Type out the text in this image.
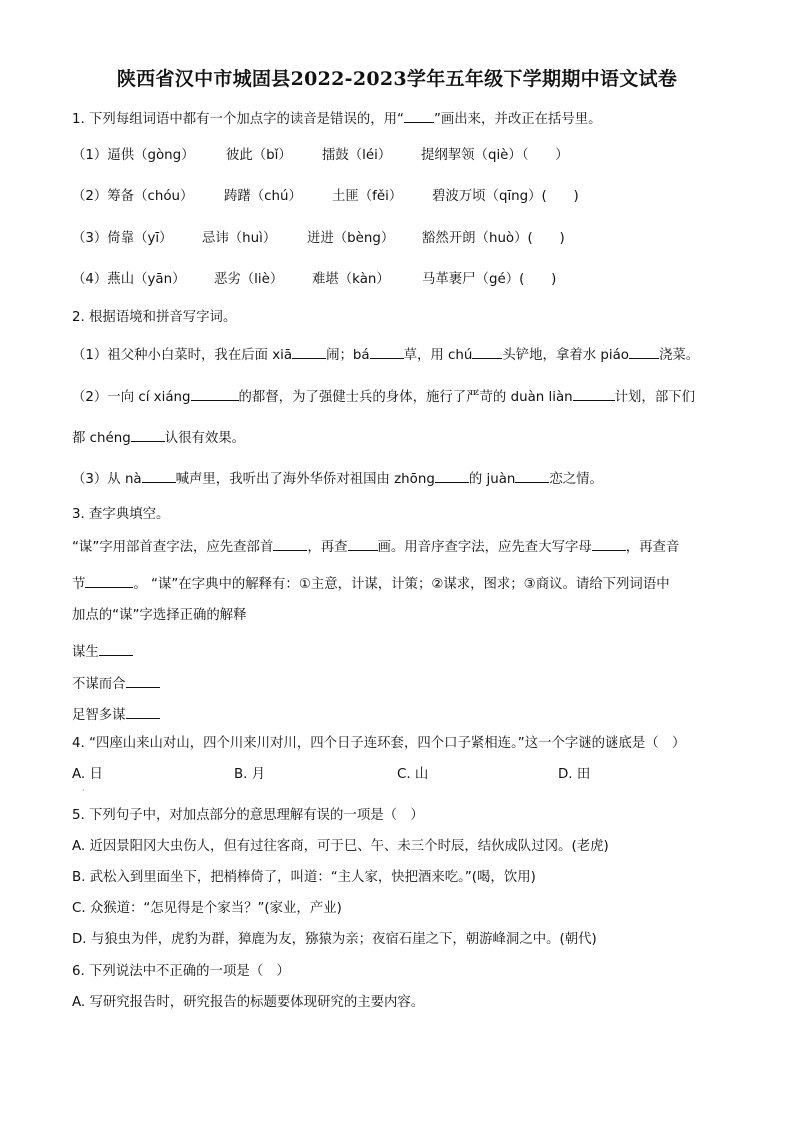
陕西省汉中市城固县2022-2023学年五年级下学期期中语文试卷

1. 下列每组词语中都有一个加点字的读音是错误的，用“ ”画出来，并改正在括号里。

（1）逼供（gòng） 彼此（bǐ） 擂鼓（léi） 提纲挈领（qiè）（　　）
（2）筹备（chóu） 踌躇（chú） 土匪（fěi） 碧波万顷（qīng）(　　)
（3）倚靠（yī） 忌讳（huì） 迸进（bèng） 豁然开朗（huò）(　　)
（4）燕山（yān） 恶劣（liè） 难堪（kàn） 马革裹尸（gé）(　　)

2. 根据语境和拼音写字词。

（1）祖父种小白菜时，我在后面 xiā	闹；bá	草，用 chú 头铲地，拿着水 piáo 浇菜。

（2）一向 cí xiáng	的都督，为了强健士兵的身体，施行了严苛的 duàn liàn	计划，部下们

都 chéng	认很有效果。

（3）从 nà	喊声里，我听出了海外华侨对祖国由 zhōng	的 juàn	恋之情。

3. 查字典填空。

“谋”字用部首查字法，应先查部首	，再查 画。用音序查字法，应先查大写字母	，再查音

节	。 “谋”在字典中的解释有：①主意，计谋，计策；②谋求，图求；③商议。请给下列词语中

加点的“谋”字选择正确的解释

谋生

不谋而合

足智多谋

4. “四座山来山对山，四个川来川对川，四个日子连环套，四个口子紧相连。”这一个字谜的谜底是（　）

A. 日	B. 月	C. 山	D. 田
·

5. 下列句子中，对加点部分的意思理解有误的一项是（　）

A. 近因景阳冈大虫伤人，但有过往客商，可于巳、午、未三个时辰，结伙成队过冈。(老虎)

B. 武松入到里面坐下，把梢棒倚了，叫道：“主人家，快把酒来吃。”(喝，饮用)

C. 众猴道：“怎见得是个家当？”(家业，产业)

D. 与狼虫为伴，虎豹为群，獐鹿为友，猕猿为亲；夜宿石崖之下，朝游峰洞之中。(朝代)

6. 下列说法中不正确的一项是（　）

A. 写研究报告时，研究报告的标题要体现研究的主要内容。
